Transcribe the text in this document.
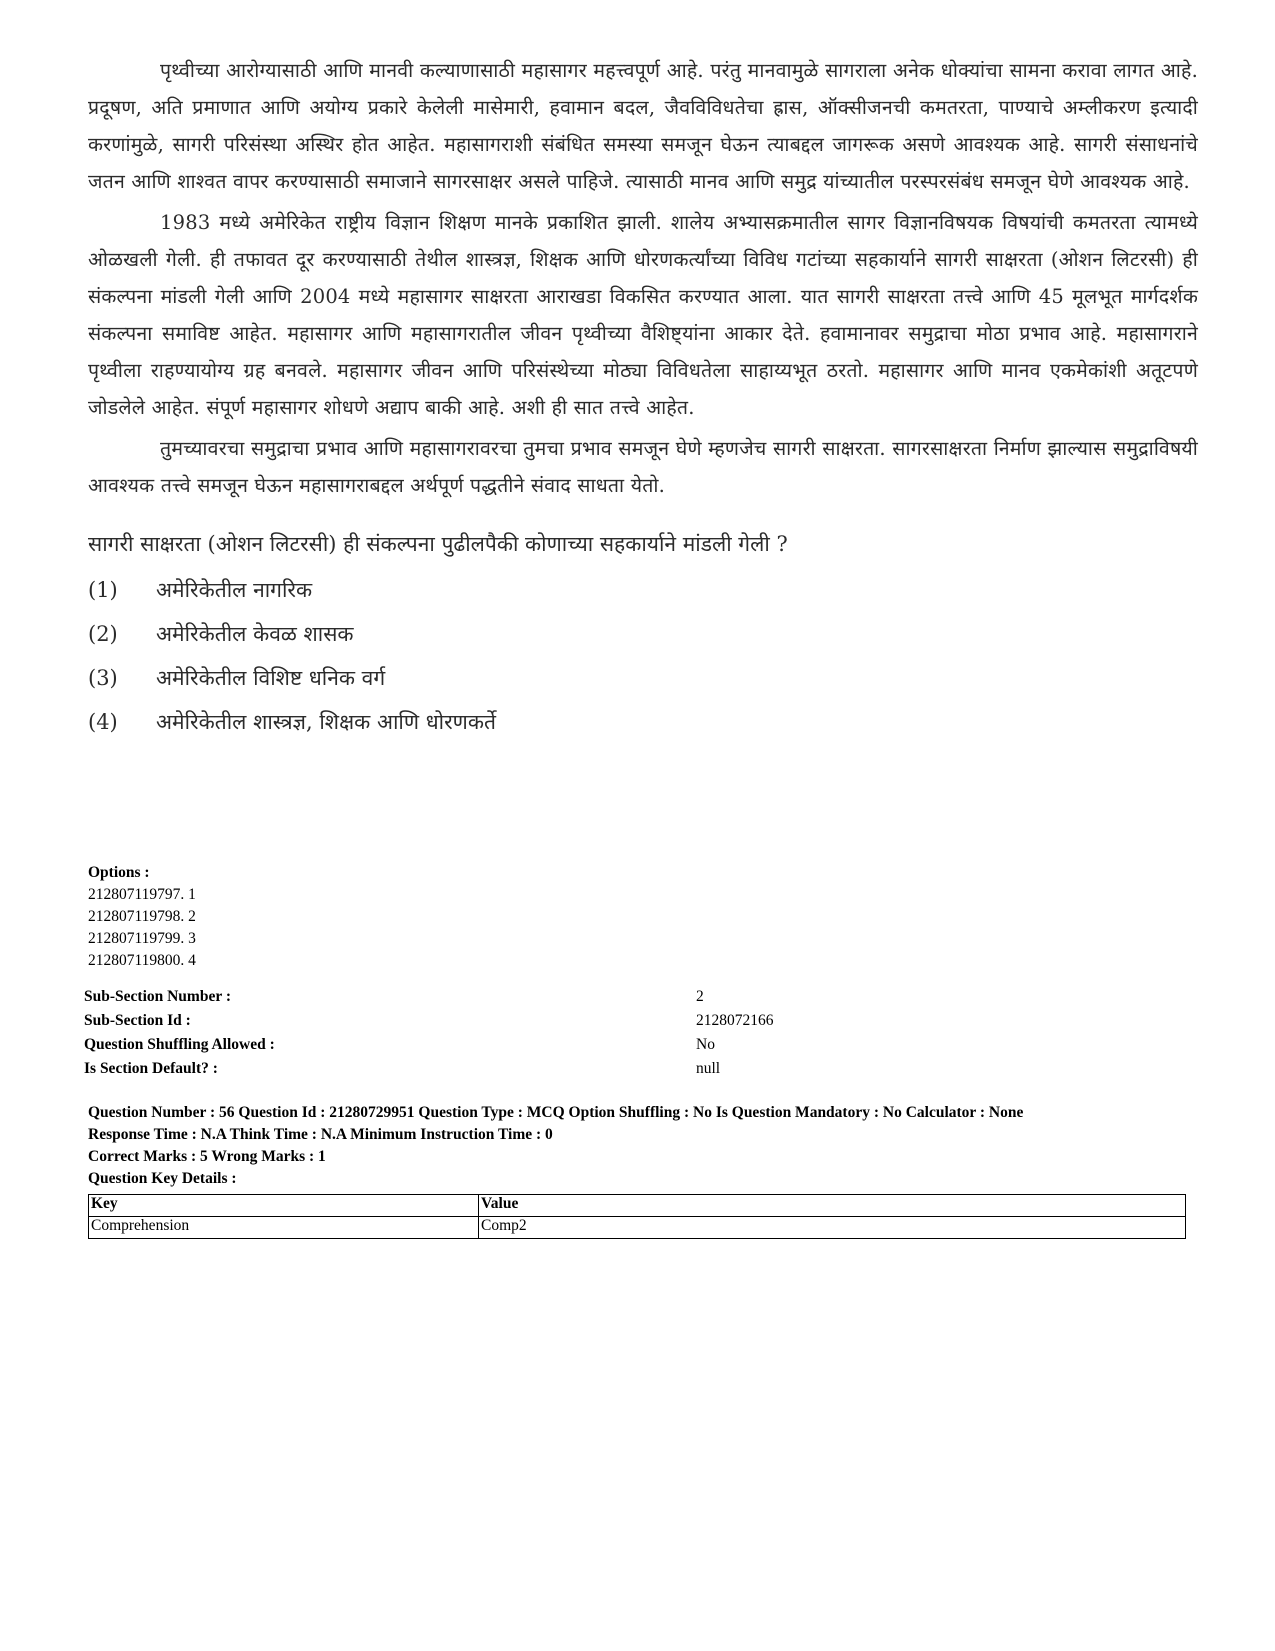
पृथ्वीच्या आरोग्यासाठी आणि मानवी कल्याणासाठी महासागर महत्त्वपूर्ण आहे. परंतु मानवामुळे सागराला अनेक धोक्यांचा सामना करावा लागत आहे. प्रदूषण, अति प्रमाणात आणि अयोग्य प्रकारे केलेली मासेमारी, हवामान बदल, जैवविविधतेचा ह्रास, ऑक्सीजनची कमतरता, पाण्याचे अम्लीकरण इत्यादी करणांमुळे, सागरी परिसंस्था अस्थिर होत आहेत. महासागराशी संबंधित समस्या समजून घेऊन त्याबद्दल जागरूक असणे आवश्यक आहे. सागरी संसाधनांचे जतन आणि शाश्वत वापर करण्यासाठी समाजाने सागरसाक्षर असले पाहिजे. त्यासाठी मानव आणि समुद्र यांच्यातील परस्परसंबंध समजून घेणे आवश्यक आहे.

1983 मध्ये अमेरिकेत राष्ट्रीय विज्ञान शिक्षण मानके प्रकाशित झाली. शालेय अभ्यासक्रमातील सागर विज्ञानविषयक विषयांची कमतरता त्यामध्ये ओळखली गेली. ही तफावत दूर करण्यासाठी तेथील शास्त्रज्ञ, शिक्षक आणि धोरणकर्त्यांच्या विविध गटांच्या सहकार्याने सागरी साक्षरता (ओशन लिटरसी) ही संकल्पना मांडली गेली आणि 2004 मध्ये महासागर साक्षरता आराखडा विकसित करण्यात आला. यात सागरी साक्षरता तत्त्वे आणि 45 मूलभूत मार्गदर्शक संकल्पना समाविष्ट आहेत. महासागर आणि महासागरातील जीवन पृथ्वीच्या वैशिष्ट्यांना आकार देते. हवामानावर समुद्राचा मोठा प्रभाव आहे. महासागराने पृथ्वीला राहण्यायोग्य ग्रह बनवले. महासागर जीवन आणि परिसंस्थेच्या मोठ्या विविधतेला साहाय्यभूत ठरतो. महासागर आणि मानव एकमेकांशी अतूटपणे जोडलेले आहेत. संपूर्ण महासागर शोधणे अद्याप बाकी आहे. अशी ही सात तत्त्वे आहेत.

तुमच्यावरचा समुद्राचा प्रभाव आणि महासागरावरचा तुमचा प्रभाव समजून घेणे म्हणजेच सागरी साक्षरता. सागरसाक्षरता निर्माण झाल्यास समुद्राविषयी आवश्यक तत्त्वे समजून घेऊन महासागराबद्दल अर्थपूर्ण पद्धतीने संवाद साधता येतो.

सागरी साक्षरता (ओशन लिटरसी) ही संकल्पना पुढीलपैकी कोणाच्या सहकार्याने मांडली गेली ?
(1)	अमेरिकेतील नागरिक
(2)	अमेरिकेतील केवळ शासक
(3)	अमेरिकेतील विशिष्ट धनिक वर्ग
(4)	अमेरिकेतील शास्त्रज्ञ, शिक्षक आणि धोरणकर्ते
Options :
212807119797. 1
212807119798. 2
212807119799. 3
212807119800. 4
Sub-Section Number :	2
Sub-Section Id :	2128072166
Question Shuffling Allowed :	No
Is Section Default? :	null
Question Number : 56 Question Id : 21280729951 Question Type : MCQ Option Shuffling : No Is Question Mandatory : No Calculator : None
Response Time : N.A Think Time : N.A Minimum Instruction Time : 0
Correct Marks : 5 Wrong Marks : 1
Question Key Details :
Key	Value
Comprehension	Comp2
